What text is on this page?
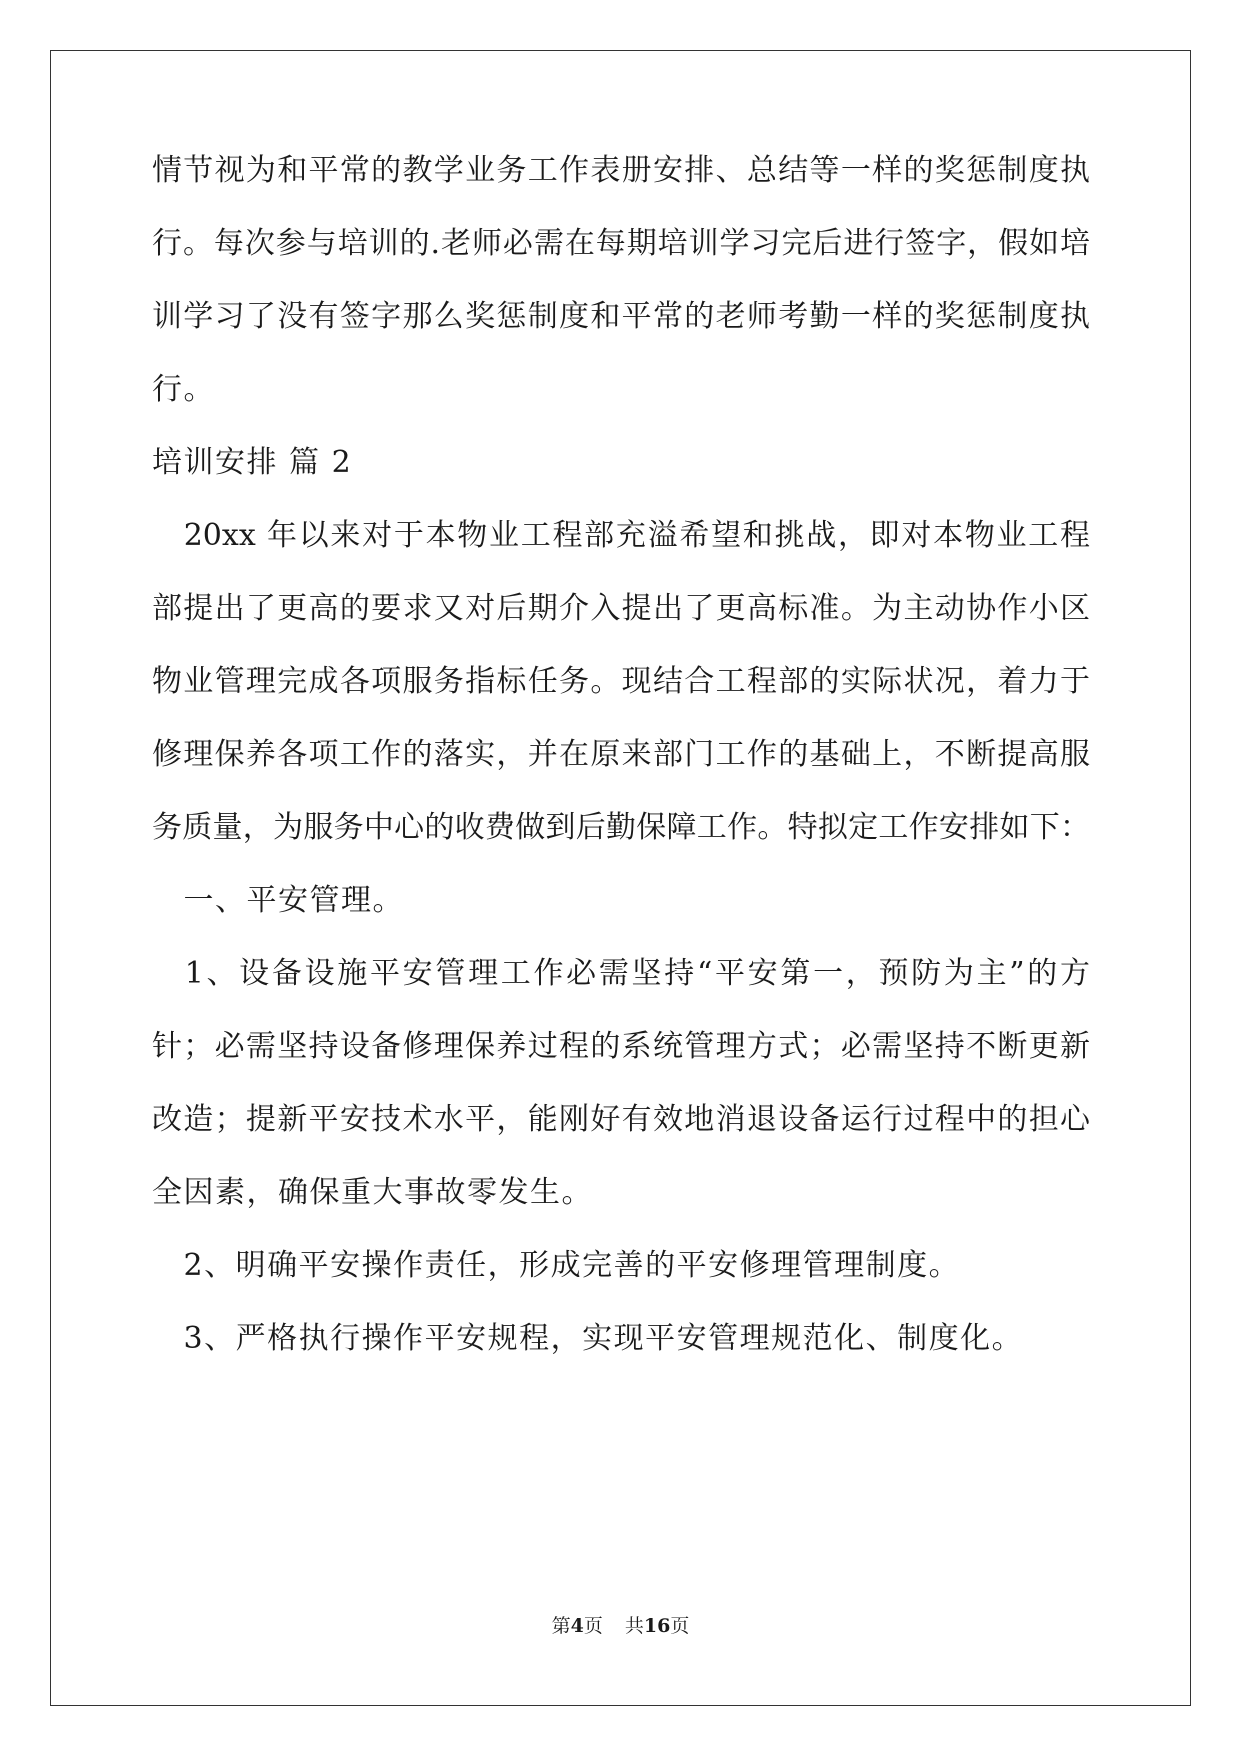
情节视为和平常的教学业务工作表册安排、总结等一样的奖惩制度执
行。每次参与培训的.老师必需在每期培训学习完后进行签字，假如培
训学习了没有签字那么奖惩制度和平常的老师考勤一样的奖惩制度执
行。
培训安排 篇 2
　20xx 年以来对于本物业工程部充溢希望和挑战，即对本物业工程
部提出了更高的要求又对后期介入提出了更高标准。为主动协作小区
物业管理完成各项服务指标任务。现结合工程部的实际状况，着力于
修理保养各项工作的落实，并在原来部门工作的基础上，不断提高服
务质量，为服务中心的收费做到后勤保障工作。特拟定工作安排如下：
　一、平安管理。
　1、设备设施平安管理工作必需坚持“平安第一，预防为主”的方
针；必需坚持设备修理保养过程的系统管理方式；必需坚持不断更新
改造；提新平安技术水平，能刚好有效地消退设备运行过程中的担心
全因素，确保重大事故零发生。
　2、明确平安操作责任，形成完善的平安修理管理制度。
　3、严格执行操作平安规程，实现平安管理规范化、制度化。
第4页 共16页
